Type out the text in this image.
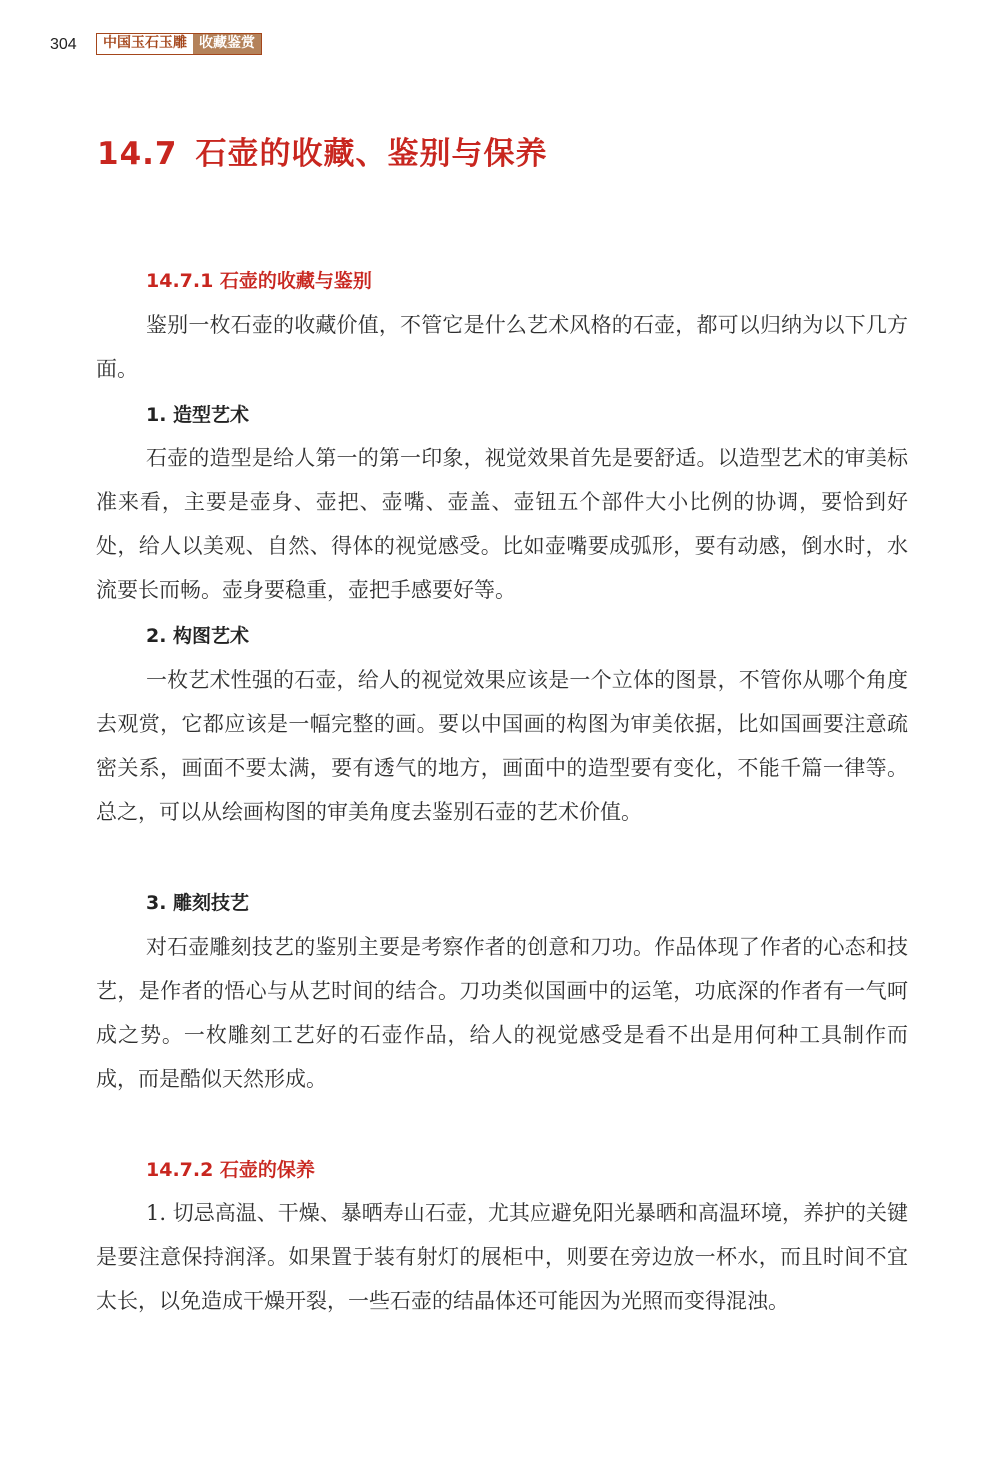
304	中国玉石玉雕 收藏鉴赏
14.7 石壶的收藏、鉴别与保养
14.7.1 石壶的收藏与鉴别

鉴别一枚石壶的收藏价值，不管它是什么艺术风格的石壶，都可以归纳为以下几方面。

1. 造型艺术

石壶的造型是给人第一的第一印象，视觉效果首先是要舒适。以造型艺术的审美标准来看，主要是壶身、壶把、壶嘴、壶盖、壶钮五个部件大小比例的协调，要恰到好处，给人以美观、自然、得体的视觉感受。比如壶嘴要成弧形，要有动感，倒水时，水流要长而畅。壶身要稳重，壶把手感要好等。

2. 构图艺术

一枚艺术性强的石壶，给人的视觉效果应该是一个立体的图景，不管你从哪个角度去观赏，它都应该是一幅完整的画。要以中国画的构图为审美依据，比如国画要注意疏密关系，画面不要太满，要有透气的地方，画面中的造型要有变化，不能千篇一律等。总之，可以从绘画构图的审美角度去鉴别石壶的艺术价值。

3. 雕刻技艺

对石壶雕刻技艺的鉴别主要是考察作者的创意和刀功。作品体现了作者的心态和技艺，是作者的悟心与从艺时间的结合。刀功类似国画中的运笔，功底深的作者有一气呵成之势。一枚雕刻工艺好的石壶作品，给人的视觉感受是看不出是用何种工具制作而成，而是酷似天然形成。

14.7.2 石壶的保养

1. 切忌高温、干燥、暴晒寿山石壶，尤其应避免阳光暴晒和高温环境，养护的关键是要注意保持润泽。如果置于装有射灯的展柜中，则要在旁边放一杯水，而且时间不宜太长，以免造成干燥开裂，一些石壶的结晶体还可能因为光照而变得混浊。
